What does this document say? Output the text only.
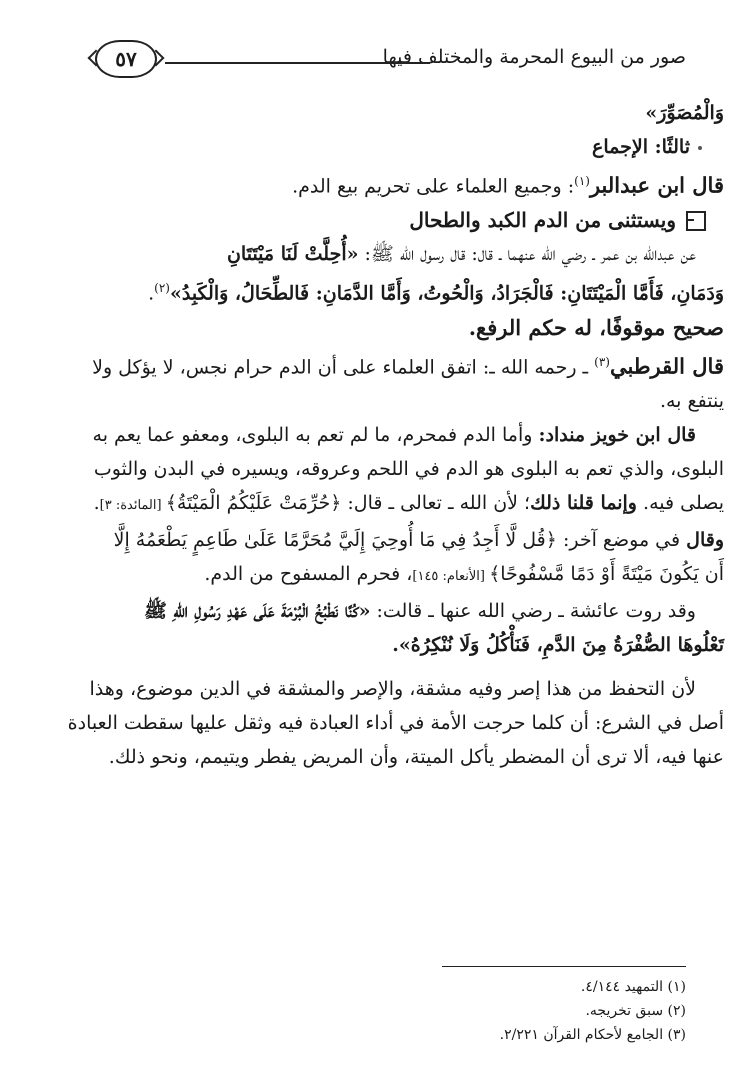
صور من البيوع المحرمة والمختلف فيها
٥٧

وَالْمُصَوِّرَ»

ثالثًا: الإجماع

قال ابن عبدالبر$^{(١)}$: وجميع العلماء على تحريم بيع الدم.

ويستثنى من الدم الكبد والطحال

عن عبدالله بن عمر ـ رضي الله عنهما ـ قال: قال رسول الله ﷺ: «أُحِلَّتْ لَنَا مَيْتَتَانِ

وَدَمَانِ، فَأَمَّا الْمَيْتَتَانِ: فَالْجَرَادُ، وَالْحُوتُ، وَأَمَّا الدَّمَانِ: فَالطِّحَالُ، وَالْكَبِدُ»$^{(٢)}$.

صحيح موقوفًا، له حكم الرفع.

قال القرطبي$^{(٣)}$ ـ رحمه الله ـ: اتفق العلماء على أن الدم حرام نجس، لا يؤكل ولا

ينتفع به.

قال ابن خويز منداد: وأما الدم فمحرم، ما لم تعم به البلوى، ومعفو عما يعم به

البلوى، والذي تعم به البلوى هو الدم في اللحم وعروقه، ويسيره في البدن والثوب

يصلى فيه. وإنما قلنا ذلك؛ لأن الله ـ تعالى ـ قال: ﴿حُرِّمَتْ عَلَيْكُمُ الْمَيْتَةُ﴾ [المائدة: ٣].

وقال في موضع آخر: ﴿قُل لَّا أَجِدُ فِي مَا أُوحِيَ إِلَيَّ مُحَرَّمًا عَلَىٰ طَاعِمٍ يَطْعَمُهُ إِلَّا

أَن يَكُونَ مَيْتَةً أَوْ دَمًا مَّسْفُوحًا﴾ [الأنعام: ١٤٥]، فحرم المسفوح من الدم.

وقد روت عائشة ـ رضي الله عنها ـ قالت: «كُنَّا نَطْبُخُ الْبُرْمَةَ عَلَى عَهْدِ رَسُولِ اللهِ ﷺ

تَعْلُوهَا الصُّفْرَةُ مِنَ الدَّمِ، فَنَأْكُلُ وَلَا نُنْكِرُهُ».

لأن التحفظ من هذا إصر وفيه مشقة، والإصر والمشقة في الدين موضوع، وهذا

أصل في الشرع: أن كلما حرجت الأمة في أداء العبادة فيه وثقل عليها سقطت العبادة

عنها فيه، ألا ترى أن المضطر يأكل الميتة، وأن المريض يفطر ويتيمم، ونحو ذلك.

(١) التمهيد ٤/١٤٤.

(٢) سبق تخريجه.

(٣) الجامع لأحكام القرآن ٢/٢٢١.
